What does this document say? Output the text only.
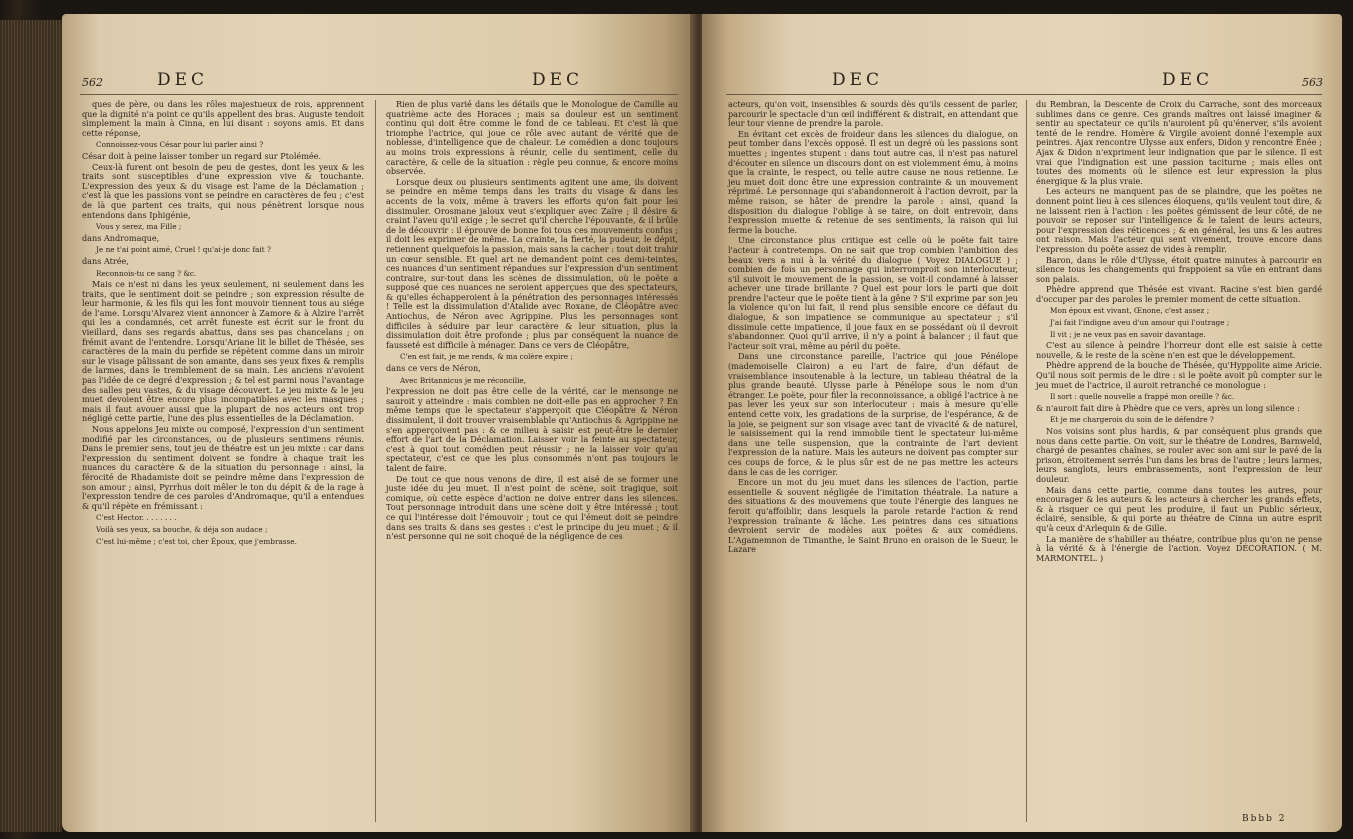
562	DEC	DEC

ques de père, ou dans les rôles majestueux de rois, apprennent que la dignité n'a point ce qu'ils appellent des bras. Auguste tendoit simplement la main à Cinna, en lui disant : soyons amis. Et dans cette réponse,

Connoissez-vous César pour lui parler ainsi ?

César doit à peine laisser tomber un regard sur Ptolémée.

Ceux-là furent ont besoin de peu de gestes, dont les yeux & les traits sont susceptibles d'une expression vive & touchante. L'expression des yeux & du visage est l'ame de la Déclamation ; c'est là que les passions vont se peindre en caractères de feu ; c'est de là que partent ces traits, qui nous pénètrent lorsque nous entendons dans Iphigénie,

Vous y serez, ma Fille ;

dans Andromaque,

Je ne t'ai point aimé, Cruel ! qu'ai-je donc fait ?

dans Atrée,

Reconnois-tu ce sang ? &c.

Mais ce n'est ni dans les yeux seulement, ni seulement dans les traits, que le sentiment doit se peindre ; son expression résulte de leur harmonie, & les fils qui les font mouvoir tiennent tous au siége de l'ame. Lorsqu'Alvarez vient annoncer à Zamore & à Alzire l'arrêt qui les a condamnés, cet arrêt funeste est écrit sur le front du vieillard, dans ses regards abattus, dans ses pas chancelans ; on frémit avant de l'entendre. Lorsqu'Ariane lit le billet de Thésée, ses caractères de la main du perfide se répètent comme dans un miroir sur le visage pâlissant de son amante, dans ses yeux fixes & remplis de larmes, dans le tremblement de sa main. Les anciens n'avoient pas l'idée de ce degré d'expression ; & tel est parmi nous l'avantage des salles peu vastes, & du visage découvert. Le jeu mixte & le jeu muet devoient être encore plus incompatibles avec les masques ; mais il faut avouer aussi que la plupart de nos acteurs ont trop négligé cette partie, l'une des plus essentielles de la Déclamation.

Nous appelons Jeu mixte ou composé, l'expression d'un sentiment modifié par les circonstances, ou de plusieurs sentimens réunis. Dans le premier sens, tout jeu de théatre est un jeu mixte : car dans l'expression du sentiment doivent se fondre à chaque trait les nuances du caractère & de la situation du personnage : ainsi, la férocité de Rhadamiste doit se peindre même dans l'expression de son amour ; ainsi, Pyrrhus doit mêler le ton du dépit & de la rage à l'expression tendre de ces paroles d'Andromaque, qu'il a entendues & qu'il répète en frémissant :

C'est Hector. . . . . . . .

Voilà ses yeux, sa bouche, & déja son audace ;

C'est lui-même ; c'est toi, cher Époux, que j'embrasse.

Rien de plus varié dans les détails que le Monologue de Camille au quatrième acte des Horaces ; mais sa douleur est un sentiment continu qui doit être comme le fond de ce tableau. Et c'est là que triomphe l'actrice, qui joue ce rôle avec autant de vérité que de noblesse, d'intelligence que de chaleur. Le comédien a donc toujours au moins trois expressions à réunir, celle du sentiment, celle du caractère, & celle de la situation : règle peu connue, & encore moins observée.

Lorsque deux ou plusieurs sentiments agitent une ame, ils doivent se peindre en même temps dans les traits du visage & dans les accents de la voix, même à travers les efforts qu'on fait pour les dissimuler. Orosmane jaloux veut s'expliquer avec Zaïre ; il désire & craint l'aveu qu'il exige ; le secret qu'il cherche l'épouvante, & il brûle de le découvrir : il éprouve de bonne foi tous ces mouvements confus ; il doit les exprimer de même. La crainte, la fierté, la pudeur, le dépit, retiennent quelquefois la passion, mais sans la cacher : tout doit trahir un cœur sensible. Et quel art ne demandent point ces demi-teintes, ces nuances d'un sentiment répandues sur l'expression d'un sentiment contraire, sur-tout dans les scènes de dissimulation, où le poëte a supposé que ces nuances ne seroient apperçues que des spectateurs, & qu'elles échapperoient à la pénétration des personnages intéressés ! Telle est la dissimulation d'Atalide avec Roxane, de Cléopâtre avec Antiochus, de Néron avec Agrippine. Plus les personnages sont difficiles à séduire par leur caractère & leur situation, plus la dissimulation doit être profonde ; plus par conséquent la nuance de fausseté est difficile à ménager. Dans ce vers de Cléopâtre,

C'en est fait, je me rends, & ma colère expire ;

dans ce vers de Néron,

Avec Britannicus je me réconcilie,

l'expression ne doit pas être celle de la vérité, car le mensonge ne sauroit y atteindre : mais combien ne doit-elle pas en approcher ? En même temps que le spectateur s'apperçoit que Cléopâtre & Néron dissimulent, il doit trouver vraisemblable qu'Antiochus & Agrippine ne s'en apperçoivent pas : & ce milieu à saisir est peut-être le dernier effort de l'art de la Déclamation. Laisser voir la feinte au spectateur, c'est à quoi tout comédien peut réussir ; ne la laisser voir qu'au spectateur, c'est ce que les plus consommés n'ont pas toujours le talent de faire.

De tout ce que nous venons de dire, il est aisé de se former une juste idée du jeu muet. Il n'est point de scène, soit tragique, soit comique, où cette espèce d'action ne doive entrer dans les silences. Tout personnage introduit dans une scène doit y être intéressé ; tout ce qui l'intéresse doit l'émouvoir ; tout ce qui l'émeut doit se peindre dans ses traits & dans ses gestes : c'est le principe du jeu muet ; & il n'est personne qui ne soit choqué de la négligence de ces

DEC	DEC	563

acteurs, qu'on voit, insensibles & sourds dès qu'ils cessent de parler, parcourir le spectacle d'un œil indifférent & distrait, en attendant que leur tour vienne de prendre la parole.

En évitant cet excès de froideur dans les silences du dialogue, on peut tomber dans l'excès opposé. Il est un degré où les passions sont muettes ; ingentes stupent : dans tout autre cas, il n'est pas naturel d'écouter en silence un discours dont on est violemment ému, à moins que la crainte, le respect, ou telle autre cause ne nous retienne. Le jeu muet doit donc être une expression contrainte & un mouvement réprimé. Le personnage qui s'abandonneroit à l'action devroit, par la même raison, se hâter de prendre la parole : ainsi, quand la disposition du dialogue l'oblige à se taire, on doit entrevoir, dans l'expression muette & retenue de ses sentiments, la raison qui lui ferme la bouche.

Une circonstance plus critique est celle où le poëte fait taire l'acteur à contretemps. On ne sait que trop combien l'ambition des beaux vers a nui à la vérité du dialogue ( Voyez DIALOGUE ) ; combien de fois un personnage qui interromproit son interlocuteur, s'il suivoit le mouvement de la passion, se voit-il condamné à laisser achever une tirade brillante ? Quel est pour lors le parti que doit prendre l'acteur que le poëte tient à la gêne ? S'il exprime par son jeu la violence qu'on lui fait, il rend plus sensible encore ce défaut du dialogue, & son impatience se communique au spectateur ; s'il dissimule cette impatience, il joue faux en se possédant où il devroit s'abandonner. Quoi qu'il arrive, il n'y a point à balancer ; il faut que l'acteur soit vrai, même au péril du poëte.

Dans une circonstance pareille, l'actrice qui joue Pénélope (mademoiselle Clairon) a eu l'art de faire, d'un défaut de vraisemblance insoutenable à la lecture, un tableau théatral de la plus grande beauté. Ulysse parle à Pénélope sous le nom d'un étranger. Le poëte, pour filer la reconnoissance, a obligé l'actrice à ne pas lever les yeux sur son interlocuteur : mais à mesure qu'elle entend cette voix, les gradations de la surprise, de l'espérance, & de la joie, se peignent sur son visage avec tant de vivacité & de naturel, le saisissement qui la rend immobile tient le spectateur lui-même dans une telle suspension, que la contrainte de l'art devient l'expression de la nature. Mais les auteurs ne doivent pas compter sur ces coups de force, & le plus sûr est de ne pas mettre les acteurs dans le cas de les corriger.

Encore un mot du jeu muet dans les silences de l'action, partie essentielle & souvent négligée de l'imitation théatrale. La nature a des situations & des mouvemens que toute l'énergie des langues ne feroit qu'affoiblir, dans lesquels la parole retarde l'action & rend l'expression traînante & lâche. Les peintres dans ces situations devroient servir de modèles aux poëtes & aux comédiens. L'Agamemnon de Timanthe, le Saint Bruno en oraison de le Sueur, le Lazare

du Rembran, la Descente de Croix du Carrache, sont des morceaux sublimes dans ce genre. Ces grands maîtres ont laissé imaginer & sentir au spectateur ce qu'ils n'auroient pû qu'énerver, s'ils avoient tenté de le rendre. Homère & Virgile avoient donné l'exemple aux peintres. Ajax rencontre Ulysse aux enfers, Didon y rencontre Énée ; Ajax & Didon n'expriment leur indignation que par le silence. Il est vrai que l'indignation est une passion taciturne ; mais elles ont toutes des moments où le silence est leur expression la plus énergique & la plus vraie.

Les acteurs ne manquent pas de se plaindre, que les poëtes ne donnent point lieu à ces silences éloquens, qu'ils veulent tout dire, & ne laissent rien à l'action : les poëtes gémissent de leur côté, de ne pouvoir se reposer sur l'intelligence & le talent de leurs acteurs, pour l'expression des réticences ; & en général, les uns & les autres ont raison. Mais l'acteur qui sent vivement, trouve encore dans l'expression du poëte assez de vides à remplir.

Baron, dans le rôle d'Ulysse, étoit quatre minutes à parcourir en silence tous les changements qui frappoient sa vûe en entrant dans son palais.

Phèdre apprend que Thésée est vivant. Racine s'est bien gardé d'occuper par des paroles le premier moment de cette situation.

Mon époux est vivant, Œnone, c'est assez ;

J'ai fait l'indigne aveu d'un amour qui l'outrage ;

Il vit ; je ne veux pas en savoir davantage.

C'est au silence à peindre l'horreur dont elle est saisie à cette nouvelle, & le reste de la scène n'en est que le développement.

Phèdre apprend de la bouche de Thésée, qu'Hyppolite aime Aricie. Qu'il nous soit permis de le dire : si le poëte avoit pû compter sur le jeu muet de l'actrice, il auroit retranché ce monologue :

Il sort : quelle nouvelle a frappé mon oreille ? &c.

& n'auroit fait dire à Phèdre que ce vers, après un long silence :

Et je me chargerois du soin de le défendre ?

Nos voisins sont plus hardis, & par conséquent plus grands que nous dans cette partie. On voit, sur le théatre de Londres, Barnweld, chargé de pesantes chaînes, se rouler avec son ami sur le pavé de la prison, étroitement serrés l'un dans les bras de l'autre ; leurs larmes, leurs sanglots, leurs embrassements, sont l'expression de leur douleur.

Mais dans cette partie, comme dans toutes les autres, pour encourager & les auteurs & les acteurs à chercher les grands effets, & à risquer ce qui peut les produire, il faut un Public sérieux, éclairé, sensible, & qui porte au théatre de Cinna un autre esprit qu'à ceux d'Arlequin & de Gille.

La manière de s'habiller au théatre, contribue plus qu'on ne pense à la vérité & à l'énergie de l'action. Voyez DÉCORATION. ( M. MARMONTEL. )

Bbbb 2
